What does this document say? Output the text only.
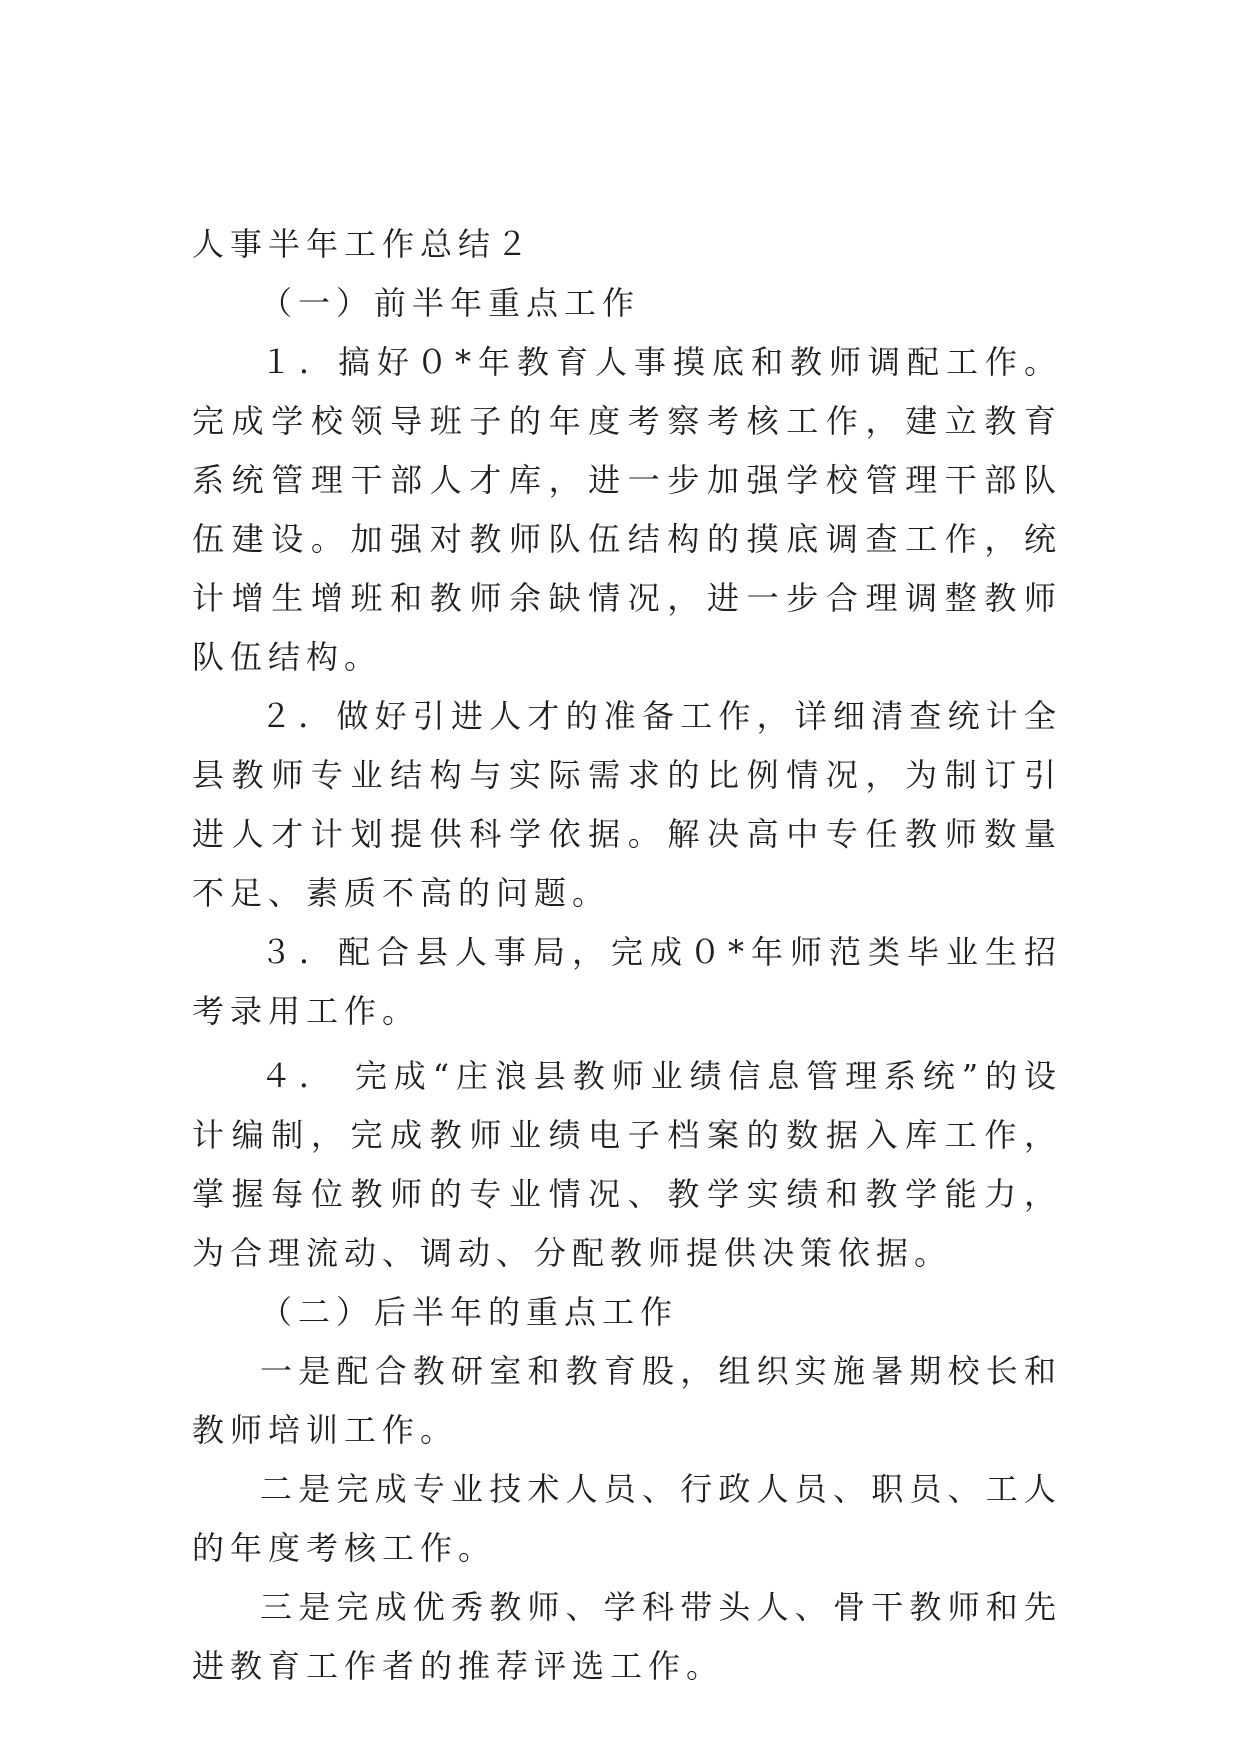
人事半年工作总结２

（一）前半年重点工作

１．搞好０*年教育人事摸底和教师调配工作。完成学校领导班子的年度考察考核工作，建立教育系统管理干部人才库，进一步加强学校管理干部队伍建设。加强对教师队伍结构的摸底调查工作，统计增生增班和教师余缺情况，进一步合理调整教师队伍结构。

２．做好引进人才的准备工作，详细清查统计全县教师专业结构与实际需求的比例情况，为制订引进人才计划提供科学依据。解决高中专任教师数量不足、素质不高的问题。

３．配合县人事局，完成０*年师范类毕业生招考录用工作。

４． 完成“庄浪县教师业绩信息管理系统”的设计编制，完成教师业绩电子档案的数据入库工作，掌握每位教师的专业情况、教学实绩和教学能力，为合理流动、调动、分配教师提供决策依据。

（二）后半年的重点工作

一是配合教研室和教育股，组织实施暑期校长和教师培训工作。

二是完成专业技术人员、行政人员、职员、工人的年度考核工作。

三是完成优秀教师、学科带头人、骨干教师和先进教育工作者的推荐评选工作。
